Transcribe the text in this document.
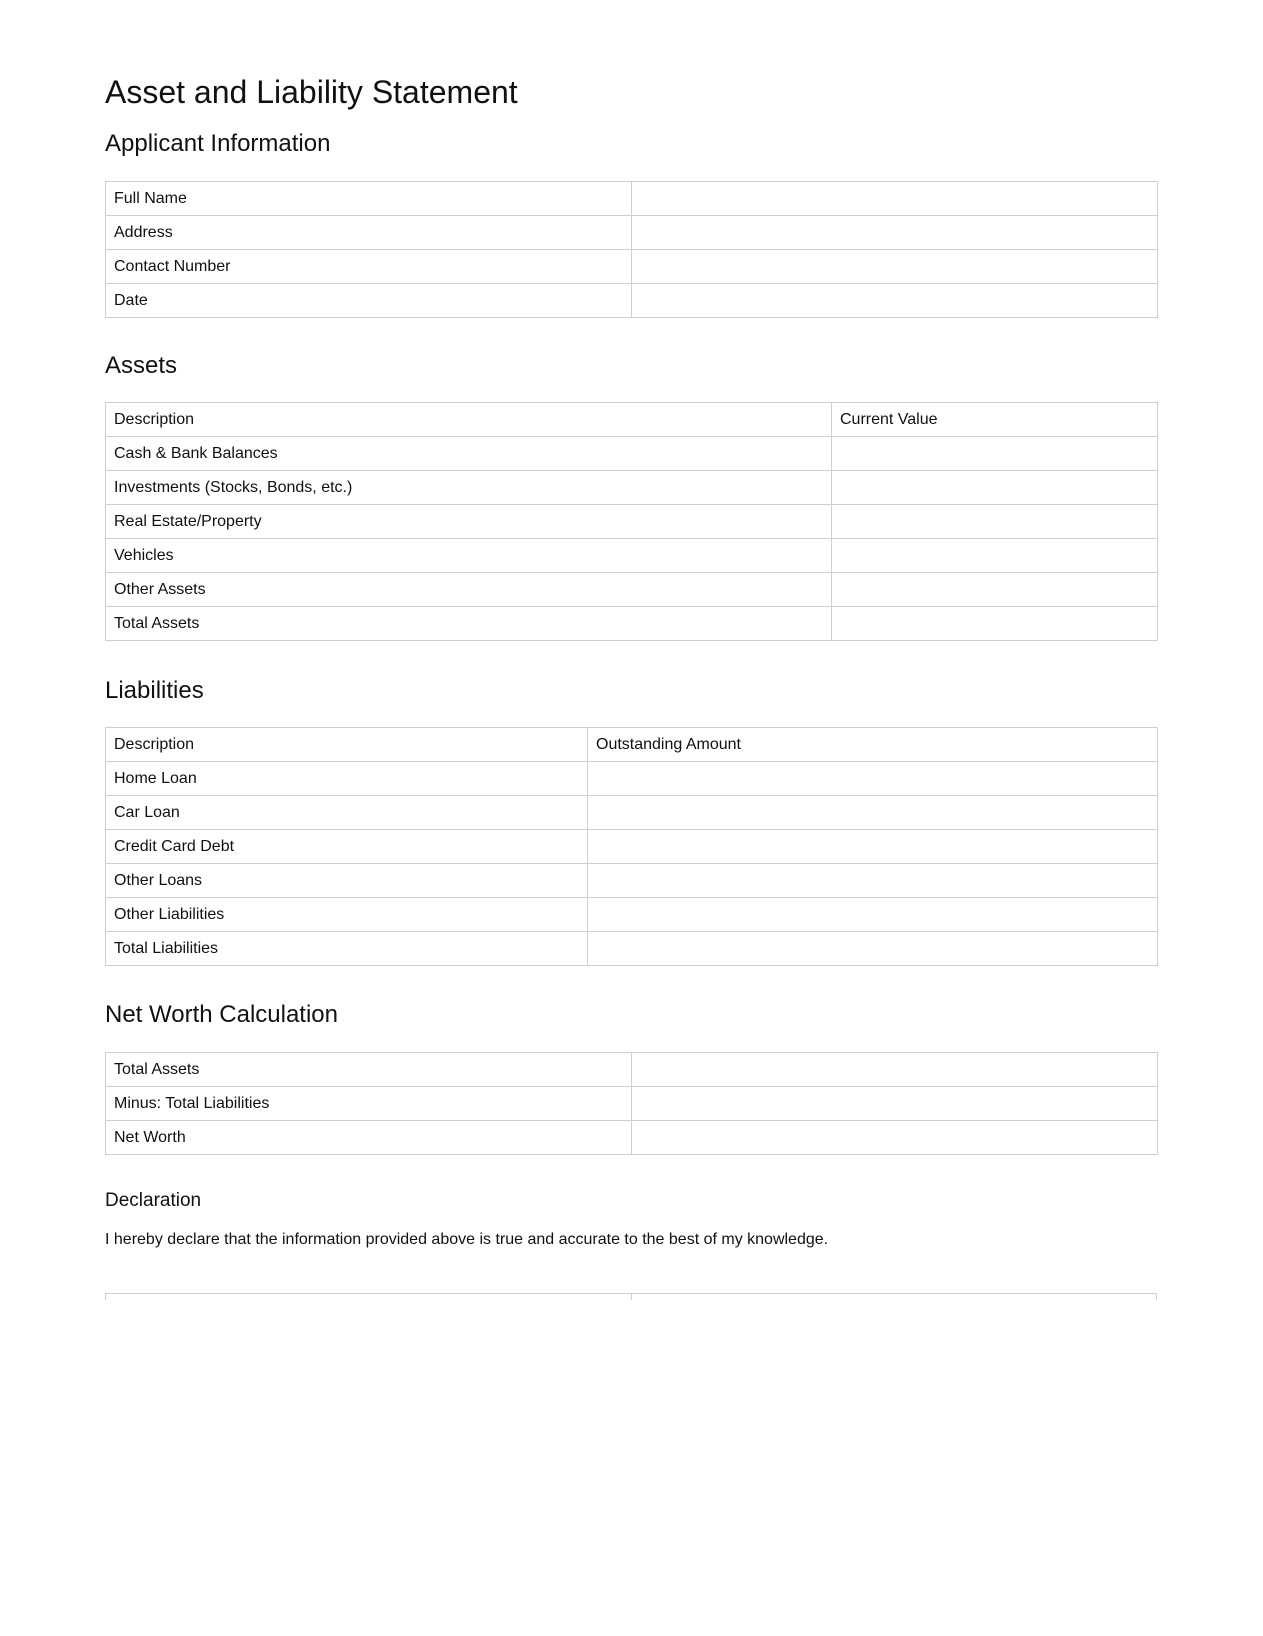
Asset and Liability Statement
Applicant Information
Full Name	
Address	
Contact Number	
Date	
Assets
Description	Current Value
Cash & Bank Balances	
Investments (Stocks, Bonds, etc.)	
Real Estate/Property	
Vehicles	
Other Assets	
Total Assets	
Liabilities
Description	Outstanding Amount
Home Loan	
Car Loan	
Credit Card Debt	
Other Loans	
Other Liabilities	
Total Liabilities	
Net Worth Calculation
Total Assets	
Minus: Total Liabilities	
Net Worth	
Declaration

I hereby declare that the information provided above is true and accurate to the best of my knowledge.
